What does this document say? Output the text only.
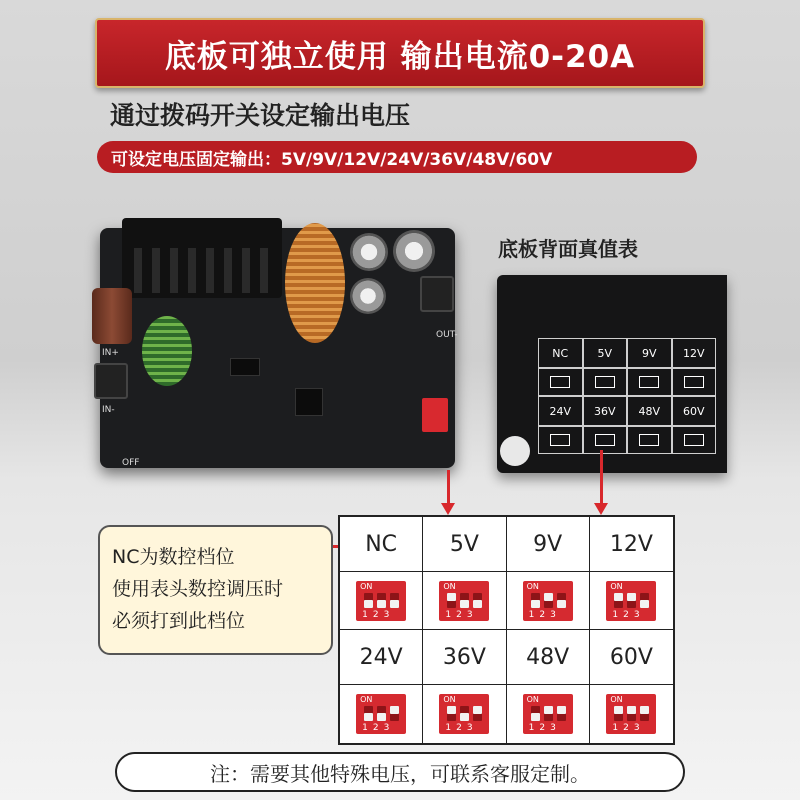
底板可独立使用 输出电流0-20A
通过拨码开关设定输出电压
可设定电压固定输出：5V/9V/12V/24V/36V/48V/60V
IN+
IN-
OUT-
OFF
底板背面真值表
NC	5V	9V	12V
24V	36V	48V	60V
NC为数控档位
使用表头数控调压时
必须打到此档位
NC	5V	9V	12V
ON
123
ON
123
ON
123
ON
123
24V	36V	48V	60V
ON
123
ON
123
ON
123
ON
123
注：需要其他特殊电压，可联系客服定制。
